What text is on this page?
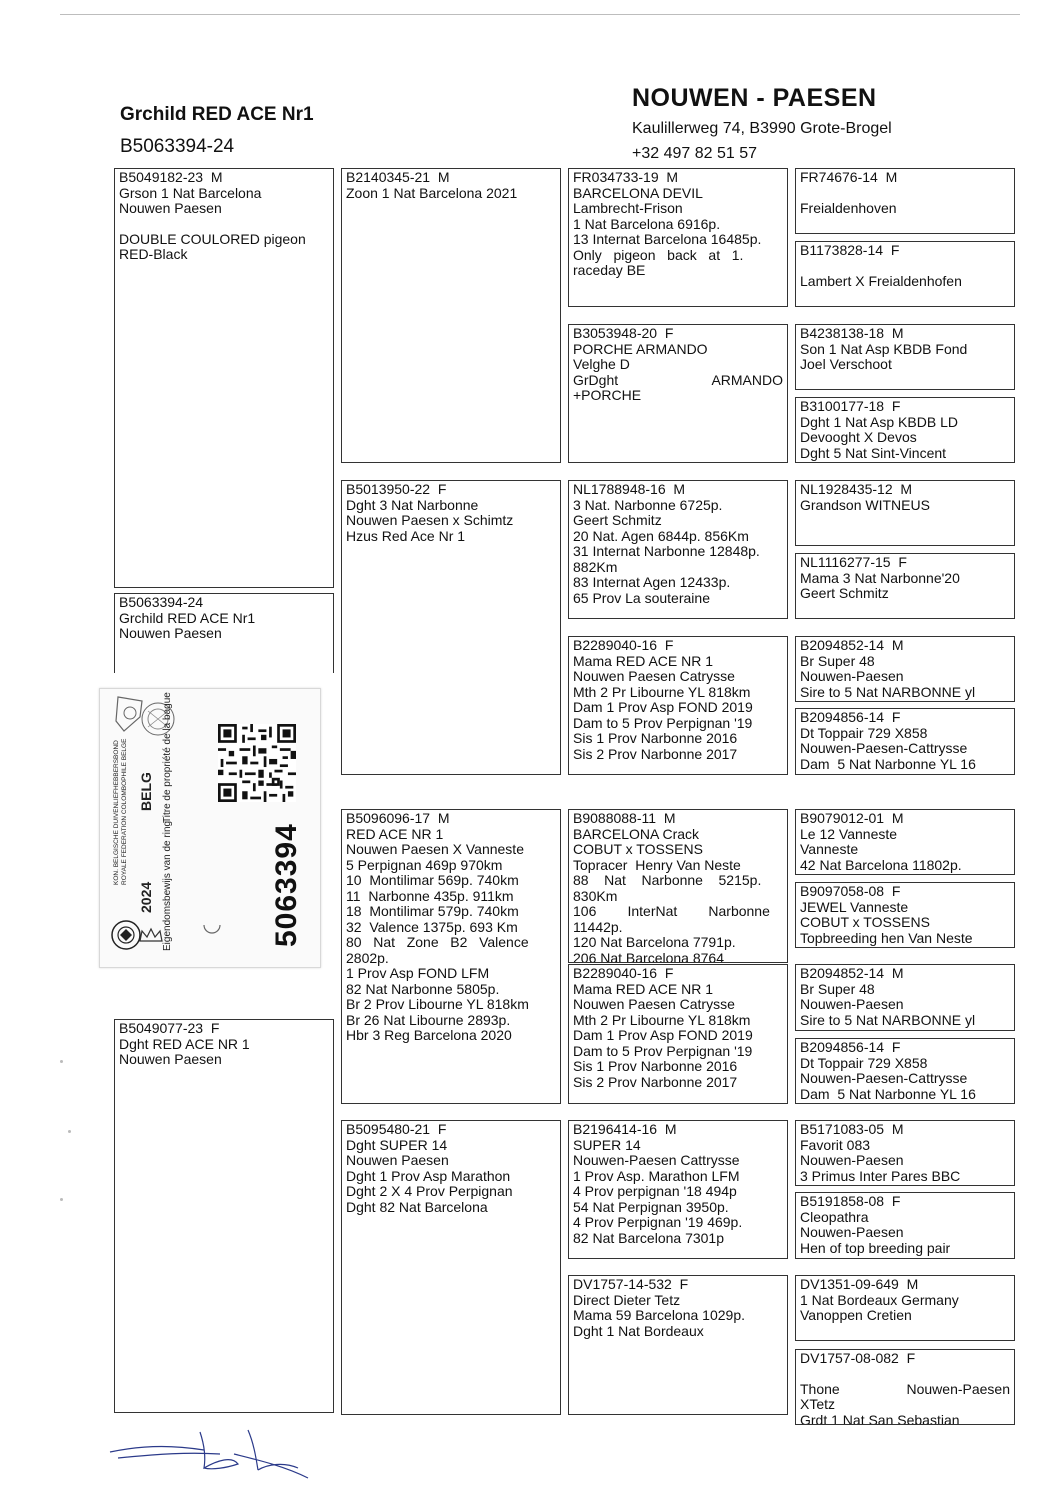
Grchild RED ACE Nr1
B5063394-24
NOUWEN - PAESEN
Kaulillerweg 74, B3990 Grote-Brogel
+32 497 82 51 57

B5049182-23  M

Grson 1 Nat Barcelona

Nouwen Paesen

DOUBLE COULORED pigeon

RED-Black

B5063394-24

Grchild RED ACE Nr1

Nouwen Paesen

B5049077-23  F

Dght RED ACE NR 1

Nouwen Paesen

B2140345-21  M

Zoon 1 Nat Barcelona 2021

B5013950-22  F

Dght 3 Nat Narbonne

Nouwen Paesen x Schimtz

Hzus Red Ace Nr 1

B5096096-17  M

RED ACE NR 1

Nouwen Paesen X Vanneste

5 Perpignan 469p 970km

10  Montilimar 569p. 740km

11  Narbonne 435p. 911km

18  Montilimar 579p. 740km

32  Valence 1375p. 693 Km

80   Nat   Zone   B2   Valence

2802p.

1 Prov Asp FOND LFM

82 Nat Narbonne 5805p.

Br 2 Prov Libourne YL 818km

Br 26 Nat Libourne 2893p.

Hbr 3 Reg Barcelona 2020

B5095480-21  F

Dght SUPER 14

Nouwen Paesen

Dght 1 Prov Asp Marathon

Dght 2 X 4 Prov Perpignan

Dght 82 Nat Barcelona

FR034733-19  M

BARCELONA DEVIL

Lambrecht-Frison

1 Nat Barcelona 6916p.

13 Internat Barcelona 16485p.

Only   pigeon   back   at   1.

raceday BE

B3053948-20  F

PORCHE ARMANDO

Velghe D

GrDght	ARMANDO

+PORCHE

NL1788948-16  M

3 Nat. Narbonne 6725p.

Geert Schmitz

20 Nat. Agen 6844p. 856Km

31 Internat Narbonne 12848p.

882Km

83 Internat Agen 12433p.

65 Prov La souteraine

B2289040-16  F

Mama RED ACE NR 1

Nouwen Paesen Catrysse

Mth 2 Pr Libourne YL 818km

Dam 1 Prov Asp FOND 2019

Dam to 5 Prov Perpignan '19

Sis 1 Prov Narbonne 2016

Sis 2 Prov Narbonne 2017

B9088088-11  M

BARCELONA Crack

COBUT x TOSSENS

Topracer  Henry Van Neste

88    Nat    Narbonne    5215p.

830Km

106        InterNat        Narbonne

11442p.

120 Nat Barcelona 7791p.

206 Nat Barcelona 8764

B2289040-16  F

Mama RED ACE NR 1

Nouwen Paesen Catrysse

Mth 2 Pr Libourne YL 818km

Dam 1 Prov Asp FOND 2019

Dam to 5 Prov Perpignan '19

Sis 1 Prov Narbonne 2016

Sis 2 Prov Narbonne 2017

B2196414-16  M

SUPER 14

Nouwen-Paesen Cattrysse

1 Prov Asp. Marathon LFM

4 Prov perpignan '18 494p

54 Nat Perpignan 3950p.

4 Prov Perpignan '19 469p.

82 Nat Barcelona 7301p

DV1757-14-532  F

Direct Dieter Tetz

Mama 59 Barcelona 1029p.

Dght 1 Nat Bordeaux

FR74676-14  M

Freialdenhoven

B1173828-14  F

Lambert X Freialdenhofen

B4238138-18  M

Son 1 Nat Asp KBDB Fond

Joel Verschoot

B3100177-18  F

Dght 1 Nat Asp KBDB LD

Devooght X Devos

Dght 5 Nat Sint-Vincent

NL1928435-12  M

Grandson WITNEUS

NL1116277-15  F

Mama 3 Nat Narbonne'20

Geert Schmitz

B2094852-14  M

Br Super 48

Nouwen-Paesen

Sire to 5 Nat NARBONNE yl

B2094856-14  F

Dt Toppair 729 X858

Nouwen-Paesen-Cattrysse

Dam  5 Nat Narbonne YL 16

B9079012-01  M

Le 12 Vanneste

Vanneste

42 Nat Barcelona 11802p.

B9097058-08  F

JEWEL Vanneste

COBUT x TOSSENS

Topbreeding hen Van Neste

B2094852-14  M

Br Super 48

Nouwen-Paesen

Sire to 5 Nat NARBONNE yl

B2094856-14  F

Dt Toppair 729 X858

Nouwen-Paesen-Cattrysse

Dam  5 Nat Narbonne YL 16

B5171083-05  M

Favorit 083

Nouwen-Paesen

3 Primus Inter Pares BBC

B5191858-08  F

Cleopathra

Nouwen-Paesen

Hen of top breeding pair

DV1351-09-649  M

1 Nat Bordeaux Germany

Vanoppen Cretien

DV1757-08-082  F

Thone	Nouwen-Paesen

XTetz

Grdt 1 Nat San Sebastian

KON. BELGISCHE DUIVENLIEFHEBBERSBOND ROYALE FEDERATION COLOMBOPHILE BELGE
2024
BELG
Eigendomsbewijs van de ring
Titre de propriété de la bague
5063394
